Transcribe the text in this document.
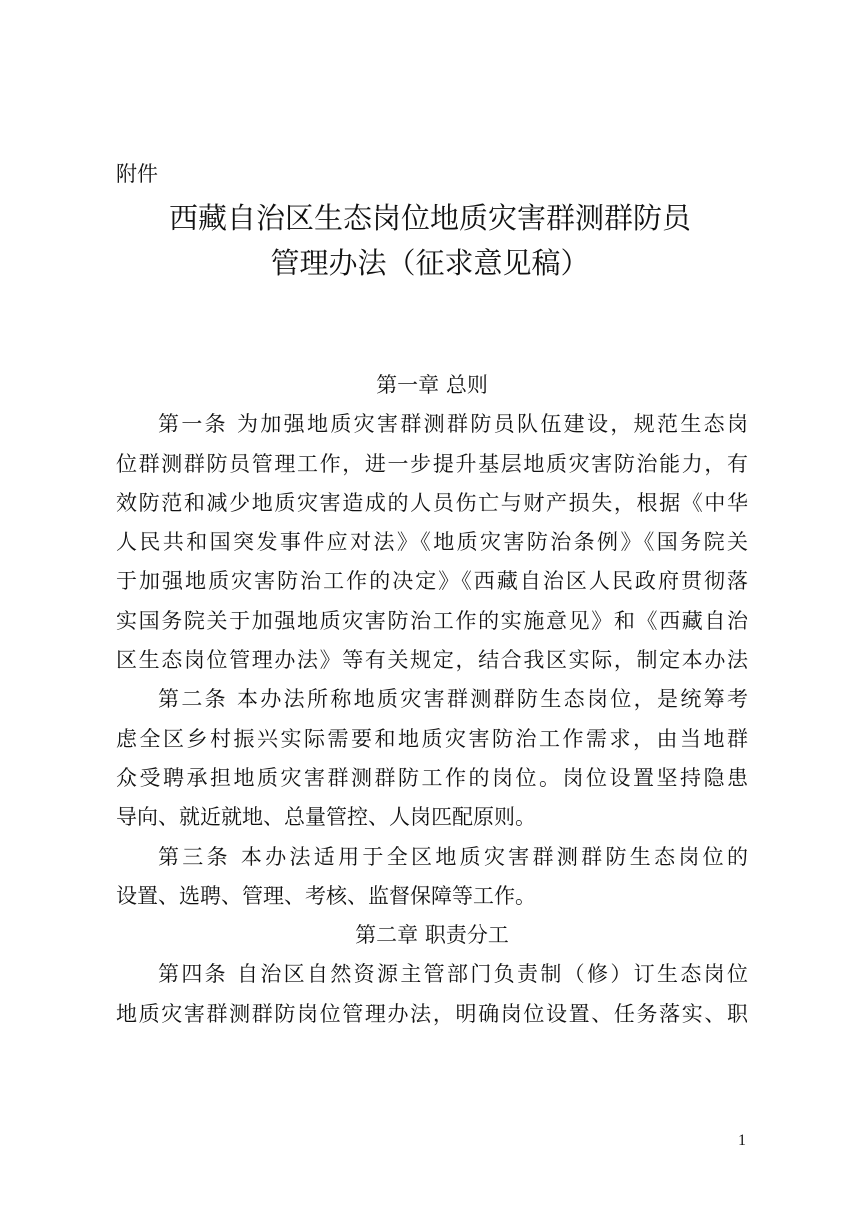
附件
西藏自治区生态岗位地质灾害群测群防员
管理办法（征求意见稿）

第一章 总则

第一条 为加强地质灾害群测群防员队伍建设，规范生态岗

位群测群防员管理工作，进一步提升基层地质灾害防治能力，有

效防范和减少地质灾害造成的人员伤亡与财产损失，根据《中华

人民共和国突发事件应对法》《地质灾害防治条例》《国务院关

于加强地质灾害防治工作的决定》《西藏自治区人民政府贯彻落

实国务院关于加强地质灾害防治工作的实施意见》和《西藏自治

区生态岗位管理办法》等有关规定，结合我区实际，制定本办法

第二条 本办法所称地质灾害群测群防生态岗位，是统筹考

虑全区乡村振兴实际需要和地质灾害防治工作需求，由当地群

众受聘承担地质灾害群测群防工作的岗位。岗位设置坚持隐患

导向、就近就地、总量管控、人岗匹配原则。

第三条 本办法适用于全区地质灾害群测群防生态岗位的

设置、选聘、管理、考核、监督保障等工作。

第二章 职责分工

第四条 自治区自然资源主管部门负责制（修）订生态岗位

地质灾害群测群防岗位管理办法，明确岗位设置、任务落实、职

1
